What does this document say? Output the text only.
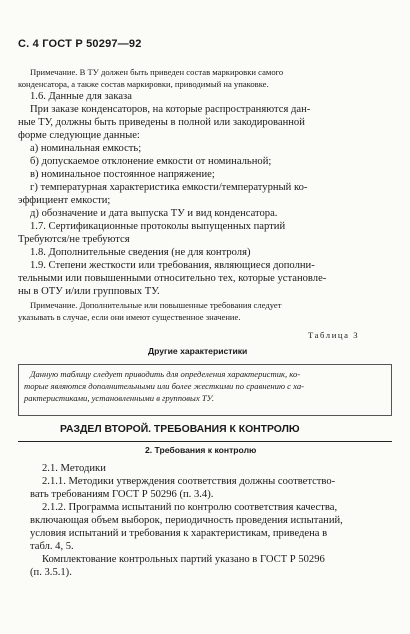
С. 4 ГОСТ Р 50297—92
Примечание. В ТУ должен быть приведен состав маркировки самого
конденсатора, а также состав маркировки, приводимый на упаковке.
1.6. Данные для заказа
При заказе конденсаторов, на которые распространяются дан-
ные ТУ, должны быть приведены в полной или закодированной
форме следующие данные:
а) номинальная емкость;
б) допускаемое отклонение емкости от номинальной;
в) номинальное постоянное напряжение;
г) температурная характеристика емкости/температурный ко-
эффициент емкости;
д) обозначение и дата выпуска ТУ и вид конденсатора.
1.7. Сертификационные протоколы выпущенных партий
Требуются/не требуются
1.8. Дополнительные сведения (не для контроля)
1.9. Степени жесткости или требования, являющиеся дополни-
тельными или повышенными относительно тех, которые установле-
ны в ОТУ и/или групповых ТУ.
Примечание. Дополнительные или повышенные требования следует
указывать в случае, если они имеют существенное значение.
Таблица 3
Другие характеристики
Данную таблицу следует приводить для определения характеристик, ко-
торые являются дополнительными или более жесткими по сравнению с ха-
рактеристиками, установленными в групповых ТУ.
РАЗДЕЛ ВТОРОЙ. ТРЕБОВАНИЯ К КОНТРОЛЮ
2. Требования к контролю
2.1. Методики
2.1.1. Методики утверждения соответствия должны соответство-
вать требованиям ГОСТ Р 50296 (п. 3.4).
2.1.2. Программа испытаний по контролю соответствия качества,
включающая объем выборок, периодичность проведения испытаний,
условия испытаний и требования к характеристикам, приведена в
табл. 4, 5.
Комплектование контрольных партий указано в ГОСТ Р 50296
(п. 3.5.1).
